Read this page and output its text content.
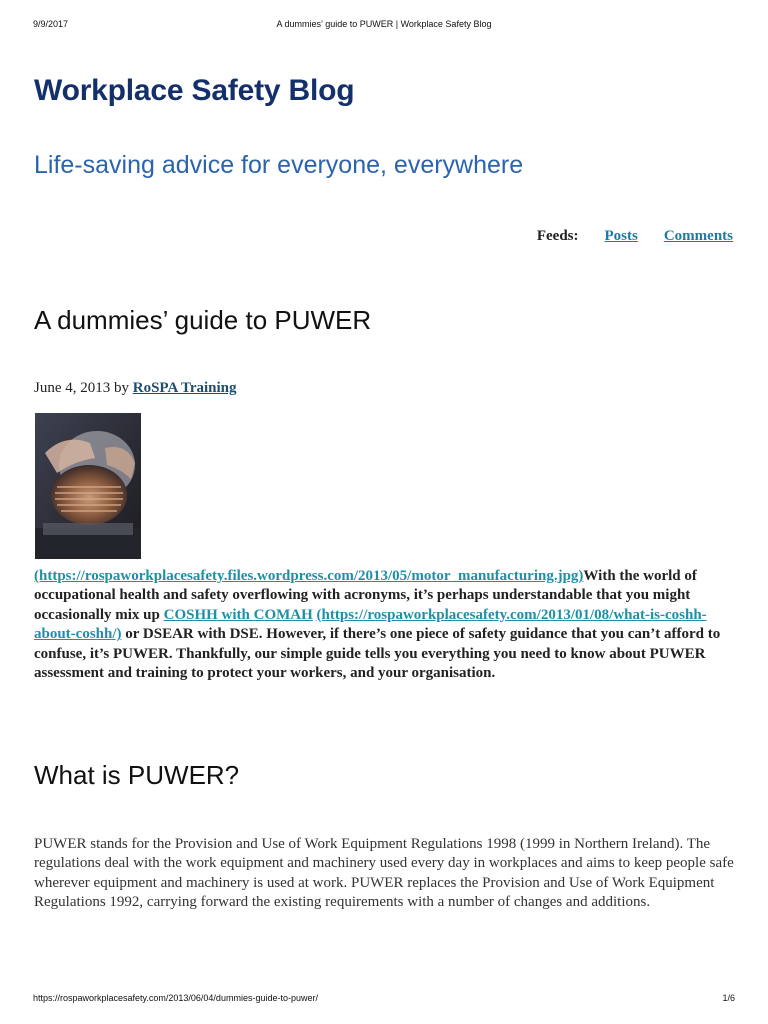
9/9/2017	A dummies’ guide to PUWER | Workplace Safety Blog
Workplace Safety Blog

Life-saving advice for everyone, everywhere

Feeds: Posts Comments
A dummies’ guide to PUWER
June 4, 2013 by RoSPA Training

(https://rospaworkplacesafety.files.wordpress.com/2013/05/motor_manufacturing.jpg)With the world of occupational health and safety overflowing with acronyms, it’s perhaps understandable that you might occasionally mix up COSHH with COMAH (https://rospaworkplacesafety.com/2013/01/08/what-is-coshh-about-coshh/) or DSEAR with DSE. However, if there’s one piece of safety guidance that you can’t afford to confuse, it’s PUWER. Thankfully, our simple guide tells you everything you need to know about PUWER assessment and training to protect your workers, and your organisation.

What is PUWER?

PUWER stands for the Provision and Use of Work Equipment Regulations 1998 (1999 in Northern Ireland). The regulations deal with the work equipment and machinery used every day in workplaces and aims to keep people safe wherever equipment and machinery is used at work. PUWER replaces the Provision and Use of Work Equipment Regulations 1992, carrying forward the existing requirements with a number of changes and additions.

https://rospaworkplacesafety.com/2013/06/04/dummies-guide-to-puwer/	1/6
